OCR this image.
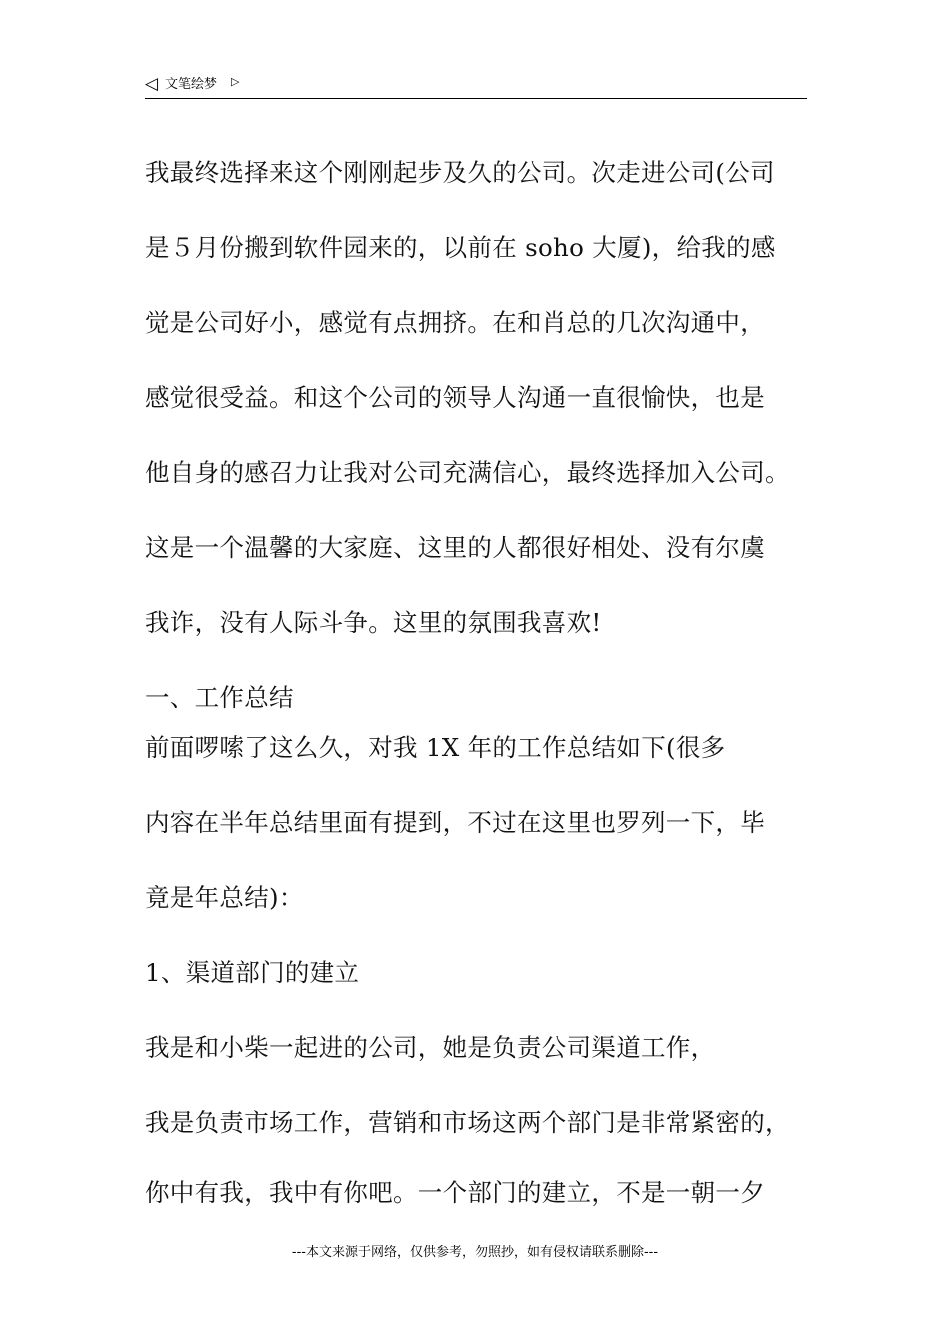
◁ 文笔绘梦 ▷
我最终选择来这个刚刚起步及久的公司。次走进公司(公司
是５月份搬到软件园来的，以前在 soho 大厦)，给我的感
觉是公司好小，感觉有点拥挤。在和肖总的几次沟通中，
感觉很受益。和这个公司的领导人沟通一直很愉快，也是
他自身的感召力让我对公司充满信心，最终选择加入公司。
这是一个温馨的大家庭、这里的人都很好相处、没有尔虞
我诈，没有人际斗争。这里的氛围我喜欢!
一、工作总结
前面啰嗦了这么久，对我 1X 年的工作总结如下(很多
内容在半年总结里面有提到，不过在这里也罗列一下，毕
竟是年总结)：
1、渠道部门的建立
我是和小柴一起进的公司，她是负责公司渠道工作，
我是负责市场工作，营销和市场这两个部门是非常紧密的，
你中有我，我中有你吧。一个部门的建立，不是一朝一夕
---本文来源于网络，仅供参考，勿照抄，如有侵权请联系删除---
